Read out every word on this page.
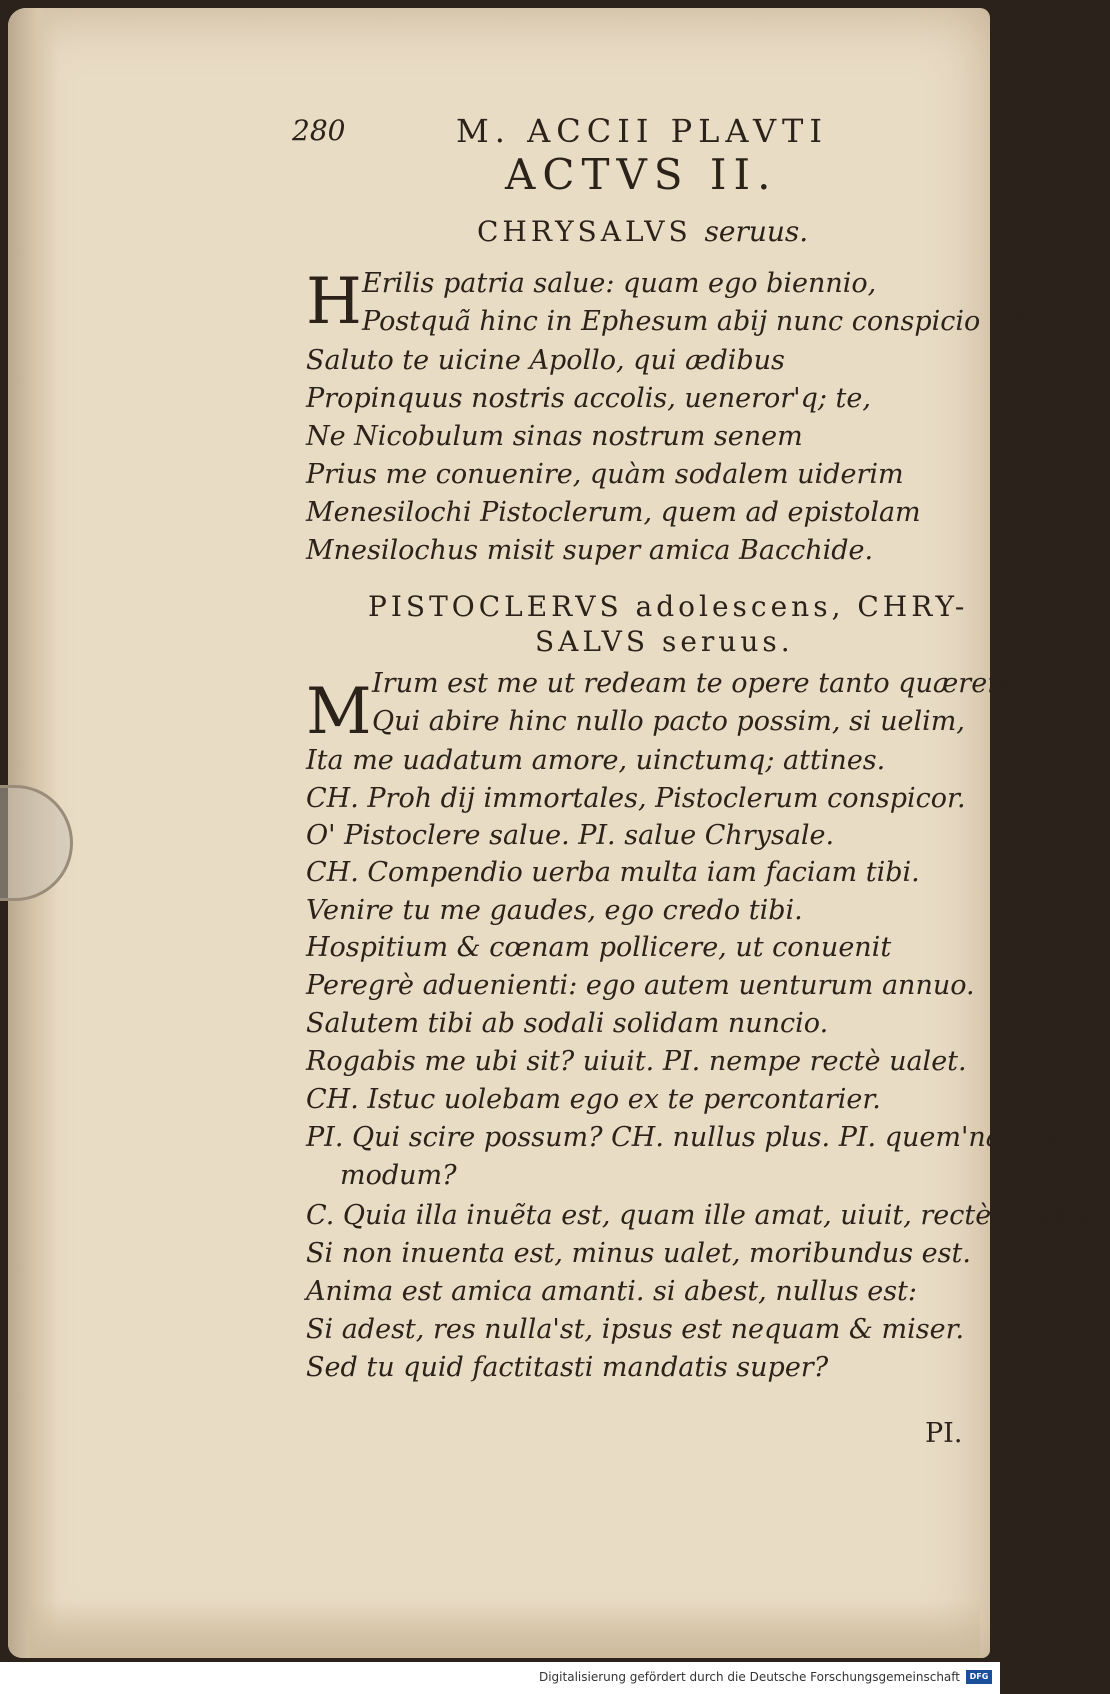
280	M. ACCII PLAVTI
ACTVS II.
CHRYSALVS seruus.
H Erilis patria salue: quam ego biennio,
Postquã hinc in Ephesum abij nunc conspicio lubens.
Saluto te uicine Apollo, qui ædibus
Propinquus nostris accolis, ueneror'q; te,
Ne Nicobulum sinas nostrum senem
Prius me conuenire, quàm sodalem uiderim
Menesilochi Pistoclerum, quem ad epistolam
Mnesilochus misit super amica Bacchide.
PISTOCLERVS adolescens, CHRY-
SALVS seruus.
M Irum est me ut redeam te opere tanto quærere,
Qui abire hinc nullo pacto possim, si uelim,
Ita me uadatum amore, uinctumq; attines.
CH. Proh dij immortales, Pistoclerum conspicor.
O' Pistoclere salue. PI. salue Chrysale.
CH. Compendio uerba multa iam faciam tibi.
Venire tu me gaudes, ego credo tibi.
Hospitium & cœnam pollicere, ut conuenit
Peregrè aduenienti: ego autem uenturum annuo.
Salutem tibi ab sodali solidam nuncio.
Rogabis me ubi sit? uiuit. PI. nempe rectè ualet.
CH. Istuc uolebam ego ex te percontarier.
PI. Qui scire possum? CH. nullus plus. PI. quem'nam ad
modum?
C. Quia illa inuẽta est, quam ille amat, uiuit, rectè & ualet.
Si non inuenta est, minus ualet, moribundus est.
Anima est amica amanti. si abest, nullus est:
Si adest, res nulla'st, ipsus est nequam & miser.
Sed tu quid factitasti mandatis super?
PI.
Digitalisierung gefördert durch die Deutsche Forschungsgemeinschaft	DFG
